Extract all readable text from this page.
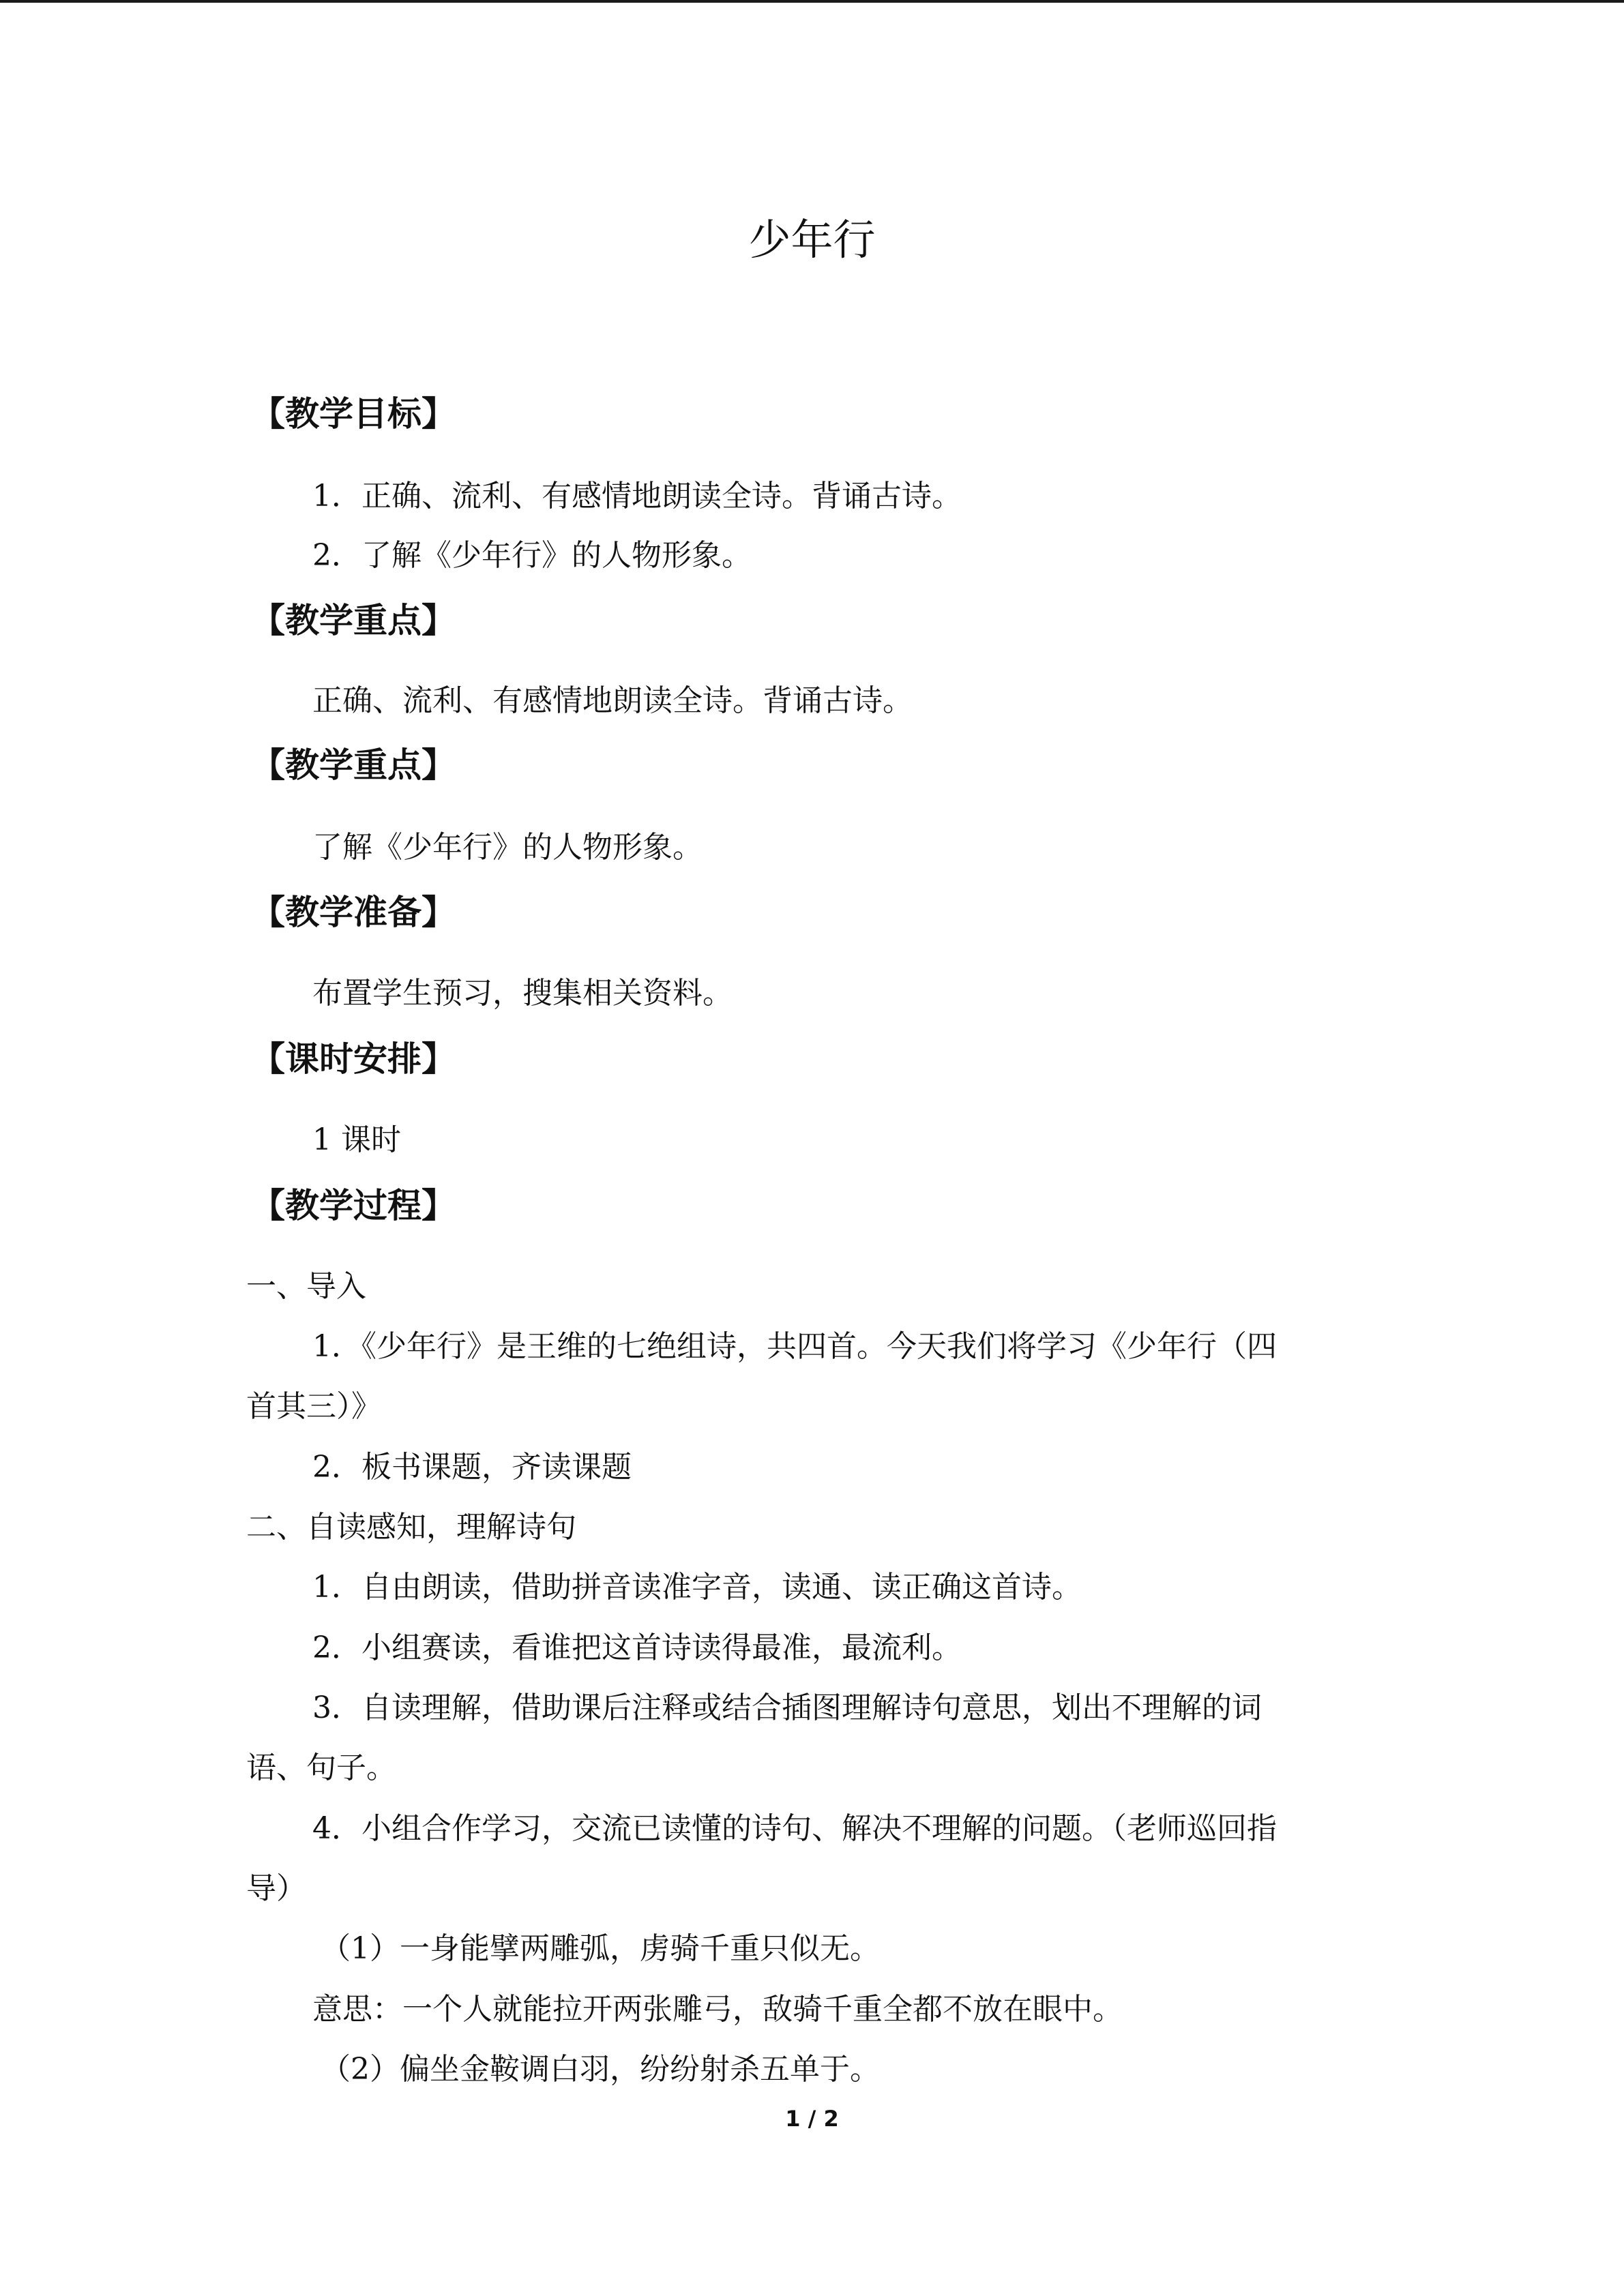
少年行
【教学目标】
1．正确、流利、有感情地朗读全诗。背诵古诗。
2．了解《少年行》的人物形象。
【教学重点】
正确、流利、有感情地朗读全诗。背诵古诗。
【教学重点】
了解《少年行》的人物形象。
【教学准备】
布置学生预习，搜集相关资料。
【课时安排】
1 课时
【教学过程】
一、导入
1．《少年行》是王维的七绝组诗，共四首。今天我们将学习《少年行（四
首其三）》
2．板书课题，齐读课题
二、自读感知，理解诗句
1．自由朗读，借助拼音读准字音，读通、读正确这首诗。
2．小组赛读，看谁把这首诗读得最准，最流利。
3．自读理解，借助课后注释或结合插图理解诗句意思，划出不理解的词
语、句子。
4．小组合作学习，交流已读懂的诗句、解决不理解的问题。（老师巡回指
导）
（1）一身能擘两雕弧，虏骑千重只似无。
意思：一个人就能拉开两张雕弓，敌骑千重全都不放在眼中。
（2）偏坐金鞍调白羽，纷纷射杀五单于。
1 / 2
